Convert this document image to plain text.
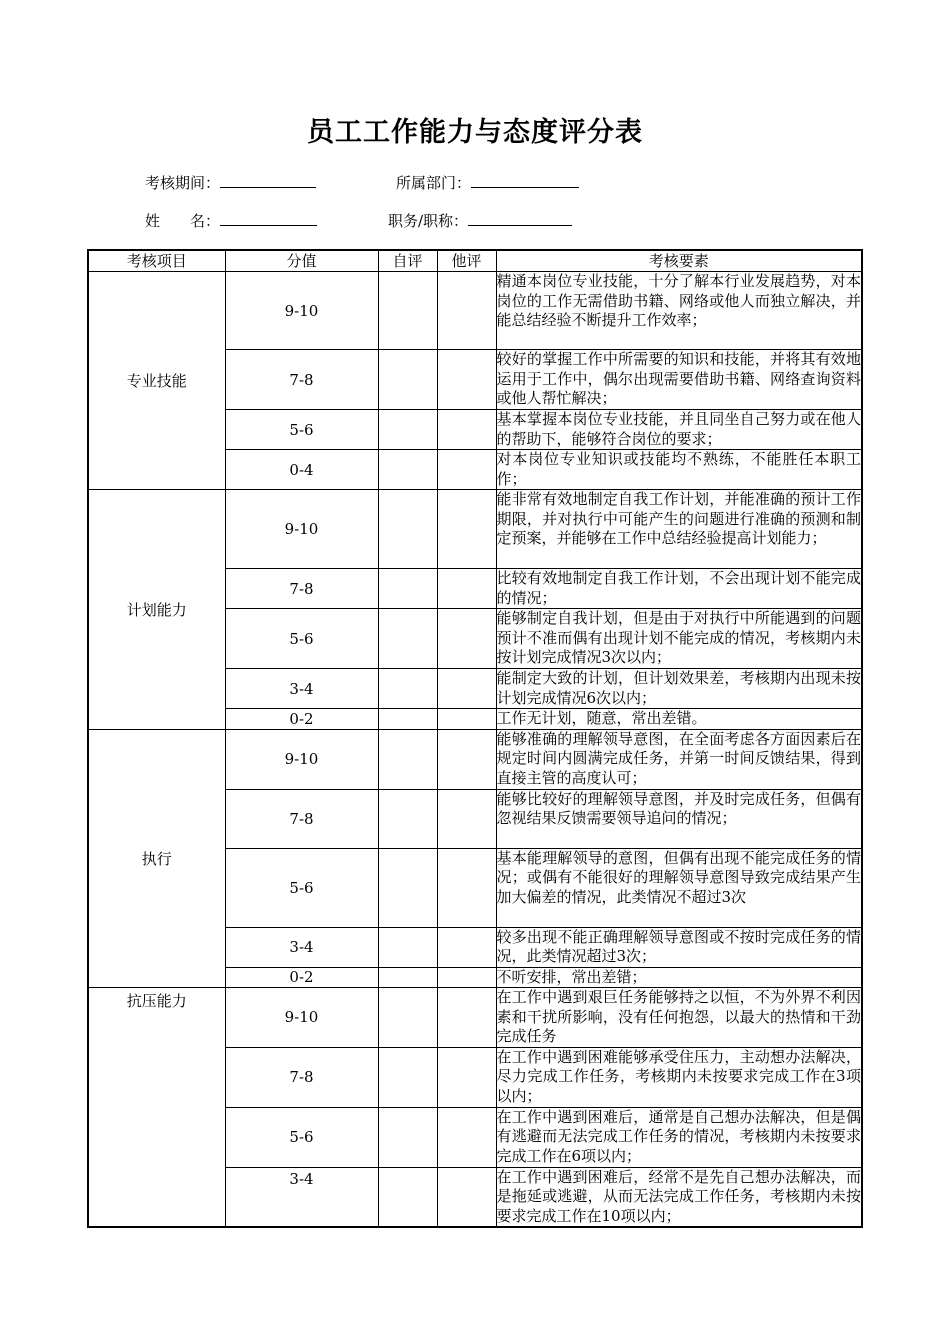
员工工作能力与态度评分表
考核期间：	所属部门：
姓　　名：	职务/职称：
考核项目	分值	自评	他评	考核要素
专业技能	9-10			精通本岗位专业技能，十分了解本行业发展趋势，对本岗位的工作无需借助书籍、网络或他人而独立解决，并能总结经验不断提升工作效率；
	7-8			较好的掌握工作中所需要的知识和技能，并将其有效地运用于工作中，偶尔出现需要借助书籍、网络查询资料或他人帮忙解决；
	5-6			基本掌握本岗位专业技能，并且同坐自己努力或在他人的帮助下，能够符合岗位的要求；
	0-4			对本岗位专业知识或技能均不熟练，不能胜任本职工作；
计划能力	9-10			能非常有效地制定自我工作计划，并能准确的预计工作期限，并对执行中可能产生的问题进行准确的预测和制定预案，并能够在工作中总结经验提高计划能力；
	7-8			比较有效地制定自我工作计划，不会出现计划不能完成的情况；
	5-6			能够制定自我计划，但是由于对执行中所能遇到的问题预计不准而偶有出现计划不能完成的情况，考核期内未按计划完成情况3次以内；
	3-4			能制定大致的计划，但计划效果差，考核期内出现未按计划完成情况6次以内；
	0-2			工作无计划，随意，常出差错。
执行	9-10			能够准确的理解领导意图，在全面考虑各方面因素后在规定时间内圆满完成任务，并第一时间反馈结果，得到直接主管的高度认可；
	7-8			能够比较好的理解领导意图，并及时完成任务，但偶有忽视结果反馈需要领导追问的情况；
	5-6			基本能理解领导的意图，但偶有出现不能完成任务的情况；或偶有不能很好的理解领导意图导致完成结果产生加大偏差的情况，此类情况不超过3次
	3-4			较多出现不能正确理解领导意图或不按时完成任务的情况，此类情况超过3次；
	0-2			不听安排，常出差错；
抗压能力	9-10			在工作中遇到艰巨任务能够持之以恒，不为外界不利因素和干扰所影响，没有任何抱怨，以最大的热情和干劲完成任务
	7-8			在工作中遇到困难能够承受住压力，主动想办法解决，尽力完成工作任务，考核期内未按要求完成工作在3项以内；
	5-6			在工作中遇到困难后，通常是自己想办法解决，但是偶有逃避而无法完成工作任务的情况，考核期内未按要求完成工作在6项以内；
	3-4			在工作中遇到困难后，经常不是先自己想办法解决，而是拖延或逃避，从而无法完成工作任务，考核期内未按要求完成工作在10项以内；
